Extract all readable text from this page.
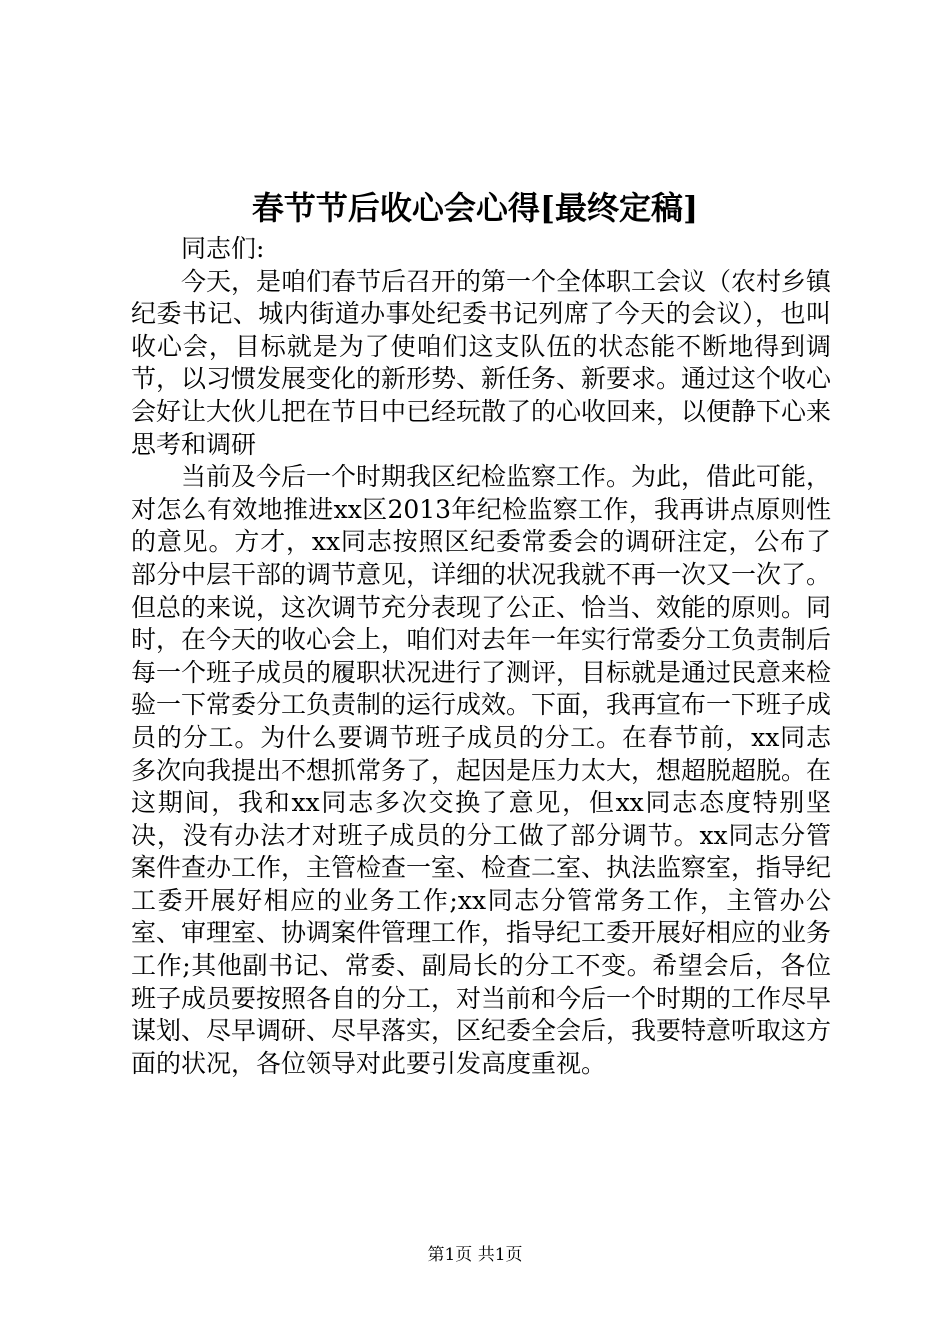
春节节后收心会心得[最终定稿]

同志们:

今天，是咱们春节后召开的第一个全体职工会议（农村乡镇纪委书记、城内街道办事处纪委书记列席了今天的会议），也叫收心会，目标就是为了使咱们这支队伍的状态能不断地得到调节，以习惯发展变化的新形势、新任务、新要求。通过这个收心会好让大伙儿把在节日中已经玩散了的心收回来，以便静下心来思考和调研

当前及今后一个时期我区纪检监察工作。为此，借此可能，对怎么有效地推进xx区2013年纪检监察工作，我再讲点原则性的意见。方才，xx同志按照区纪委常委会的调研注定，公布了部分中层干部的调节意见，详细的状况我就不再一次又一次了。但总的来说，这次调节充分表现了公正、恰当、效能的原则。同时，在今天的收心会上，咱们对去年一年实行常委分工负责制后每一个班子成员的履职状况进行了测评，目标就是通过民意来检验一下常委分工负责制的运行成效。下面，我再宣布一下班子成员的分工。为什么要调节班子成员的分工。在春节前，xx同志多次向我提出不想抓常务了，起因是压力太大，想超脱超脱。在这期间，我和xx同志多次交换了意见，但xx同志态度特别坚决，没有办法才对班子成员的分工做了部分调节。xx同志分管案件查办工作，主管检查一室、检查二室、执法监察室，指导纪工委开展好相应的业务工作;xx同志分管常务工作，主管办公室、审理室、协调案件管理工作，指导纪工委开展好相应的业务工作;其他副书记、常委、副局长的分工不变。希望会后，各位班子成员要按照各自的分工，对当前和今后一个时期的工作尽早谋划、尽早调研、尽早落实，区纪委全会后，我要特意听取这方面的状况，各位领导对此要引发高度重视。

第1页 共1页
